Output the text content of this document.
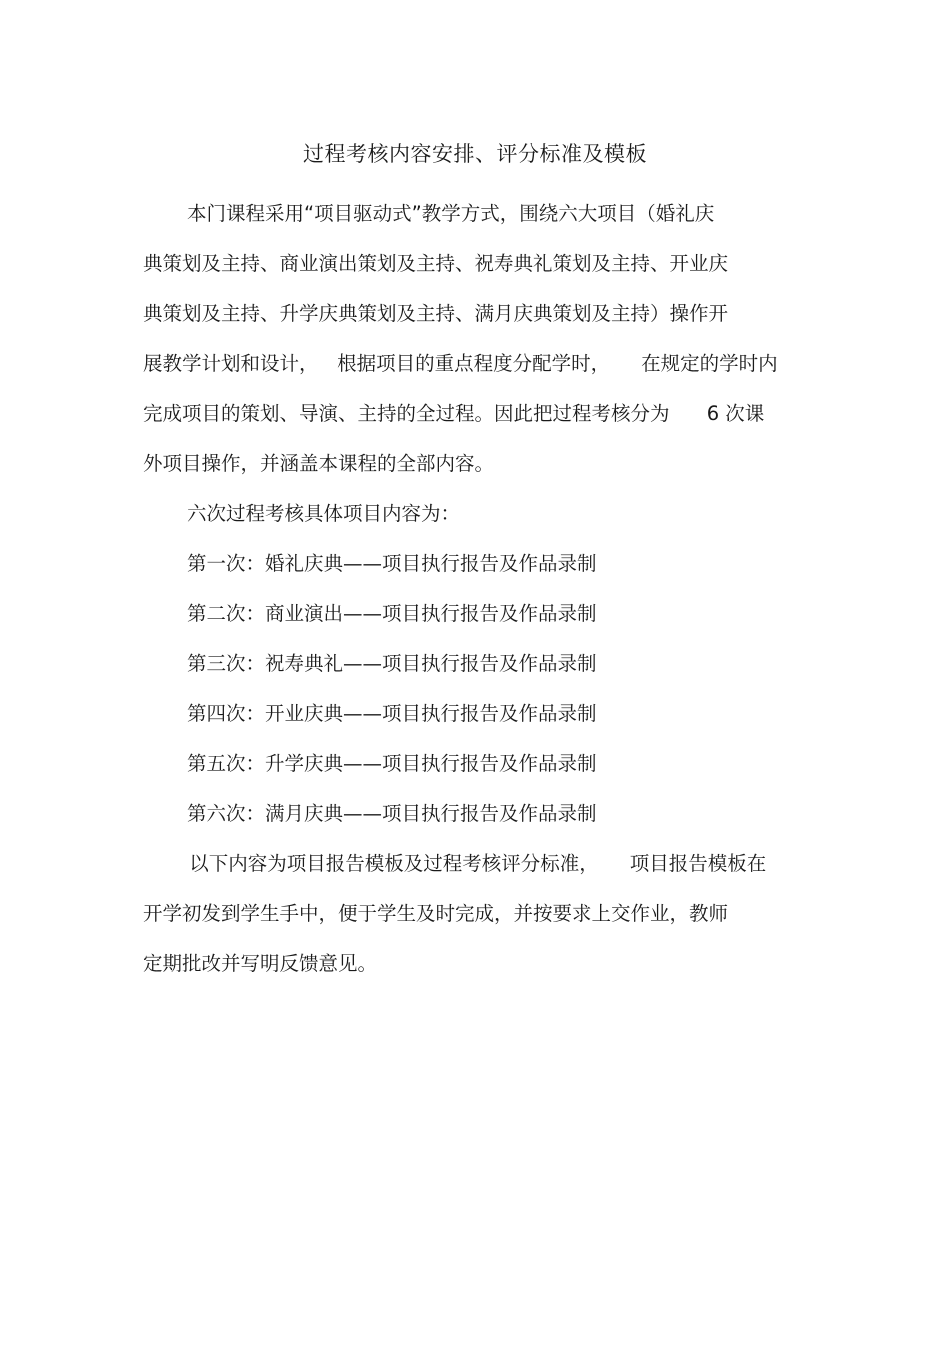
过程考核内容安排、评分标准及模板
本门课程采用“项目驱动式”教学方式，围绕六大项目（婚礼庆
典策划及主持、商业演出策划及主持、祝寿典礼策划及主持、开业庆
典策划及主持、升学庆典策划及主持、满月庆典策划及主持）操作开
展教学计划和设计，   根据项目的重点程度分配学时，     在规定的学时内
完成项目的策划、导演、主持的全过程。因此把过程考核分为      6 次课
外项目操作，并涵盖本课程的全部内容。
六次过程考核具体项目内容为：
第一次：婚礼庆典——项目执行报告及作品录制
第二次：商业演出——项目执行报告及作品录制
第三次：祝寿典礼——项目执行报告及作品录制
第四次：开业庆典——项目执行报告及作品录制
第五次：升学庆典——项目执行报告及作品录制
第六次：满月庆典——项目执行报告及作品录制
以下内容为项目报告模板及过程考核评分标准，     项目报告模板在
开学初发到学生手中，便于学生及时完成，并按要求上交作业，教师
定期批改并写明反馈意见。
